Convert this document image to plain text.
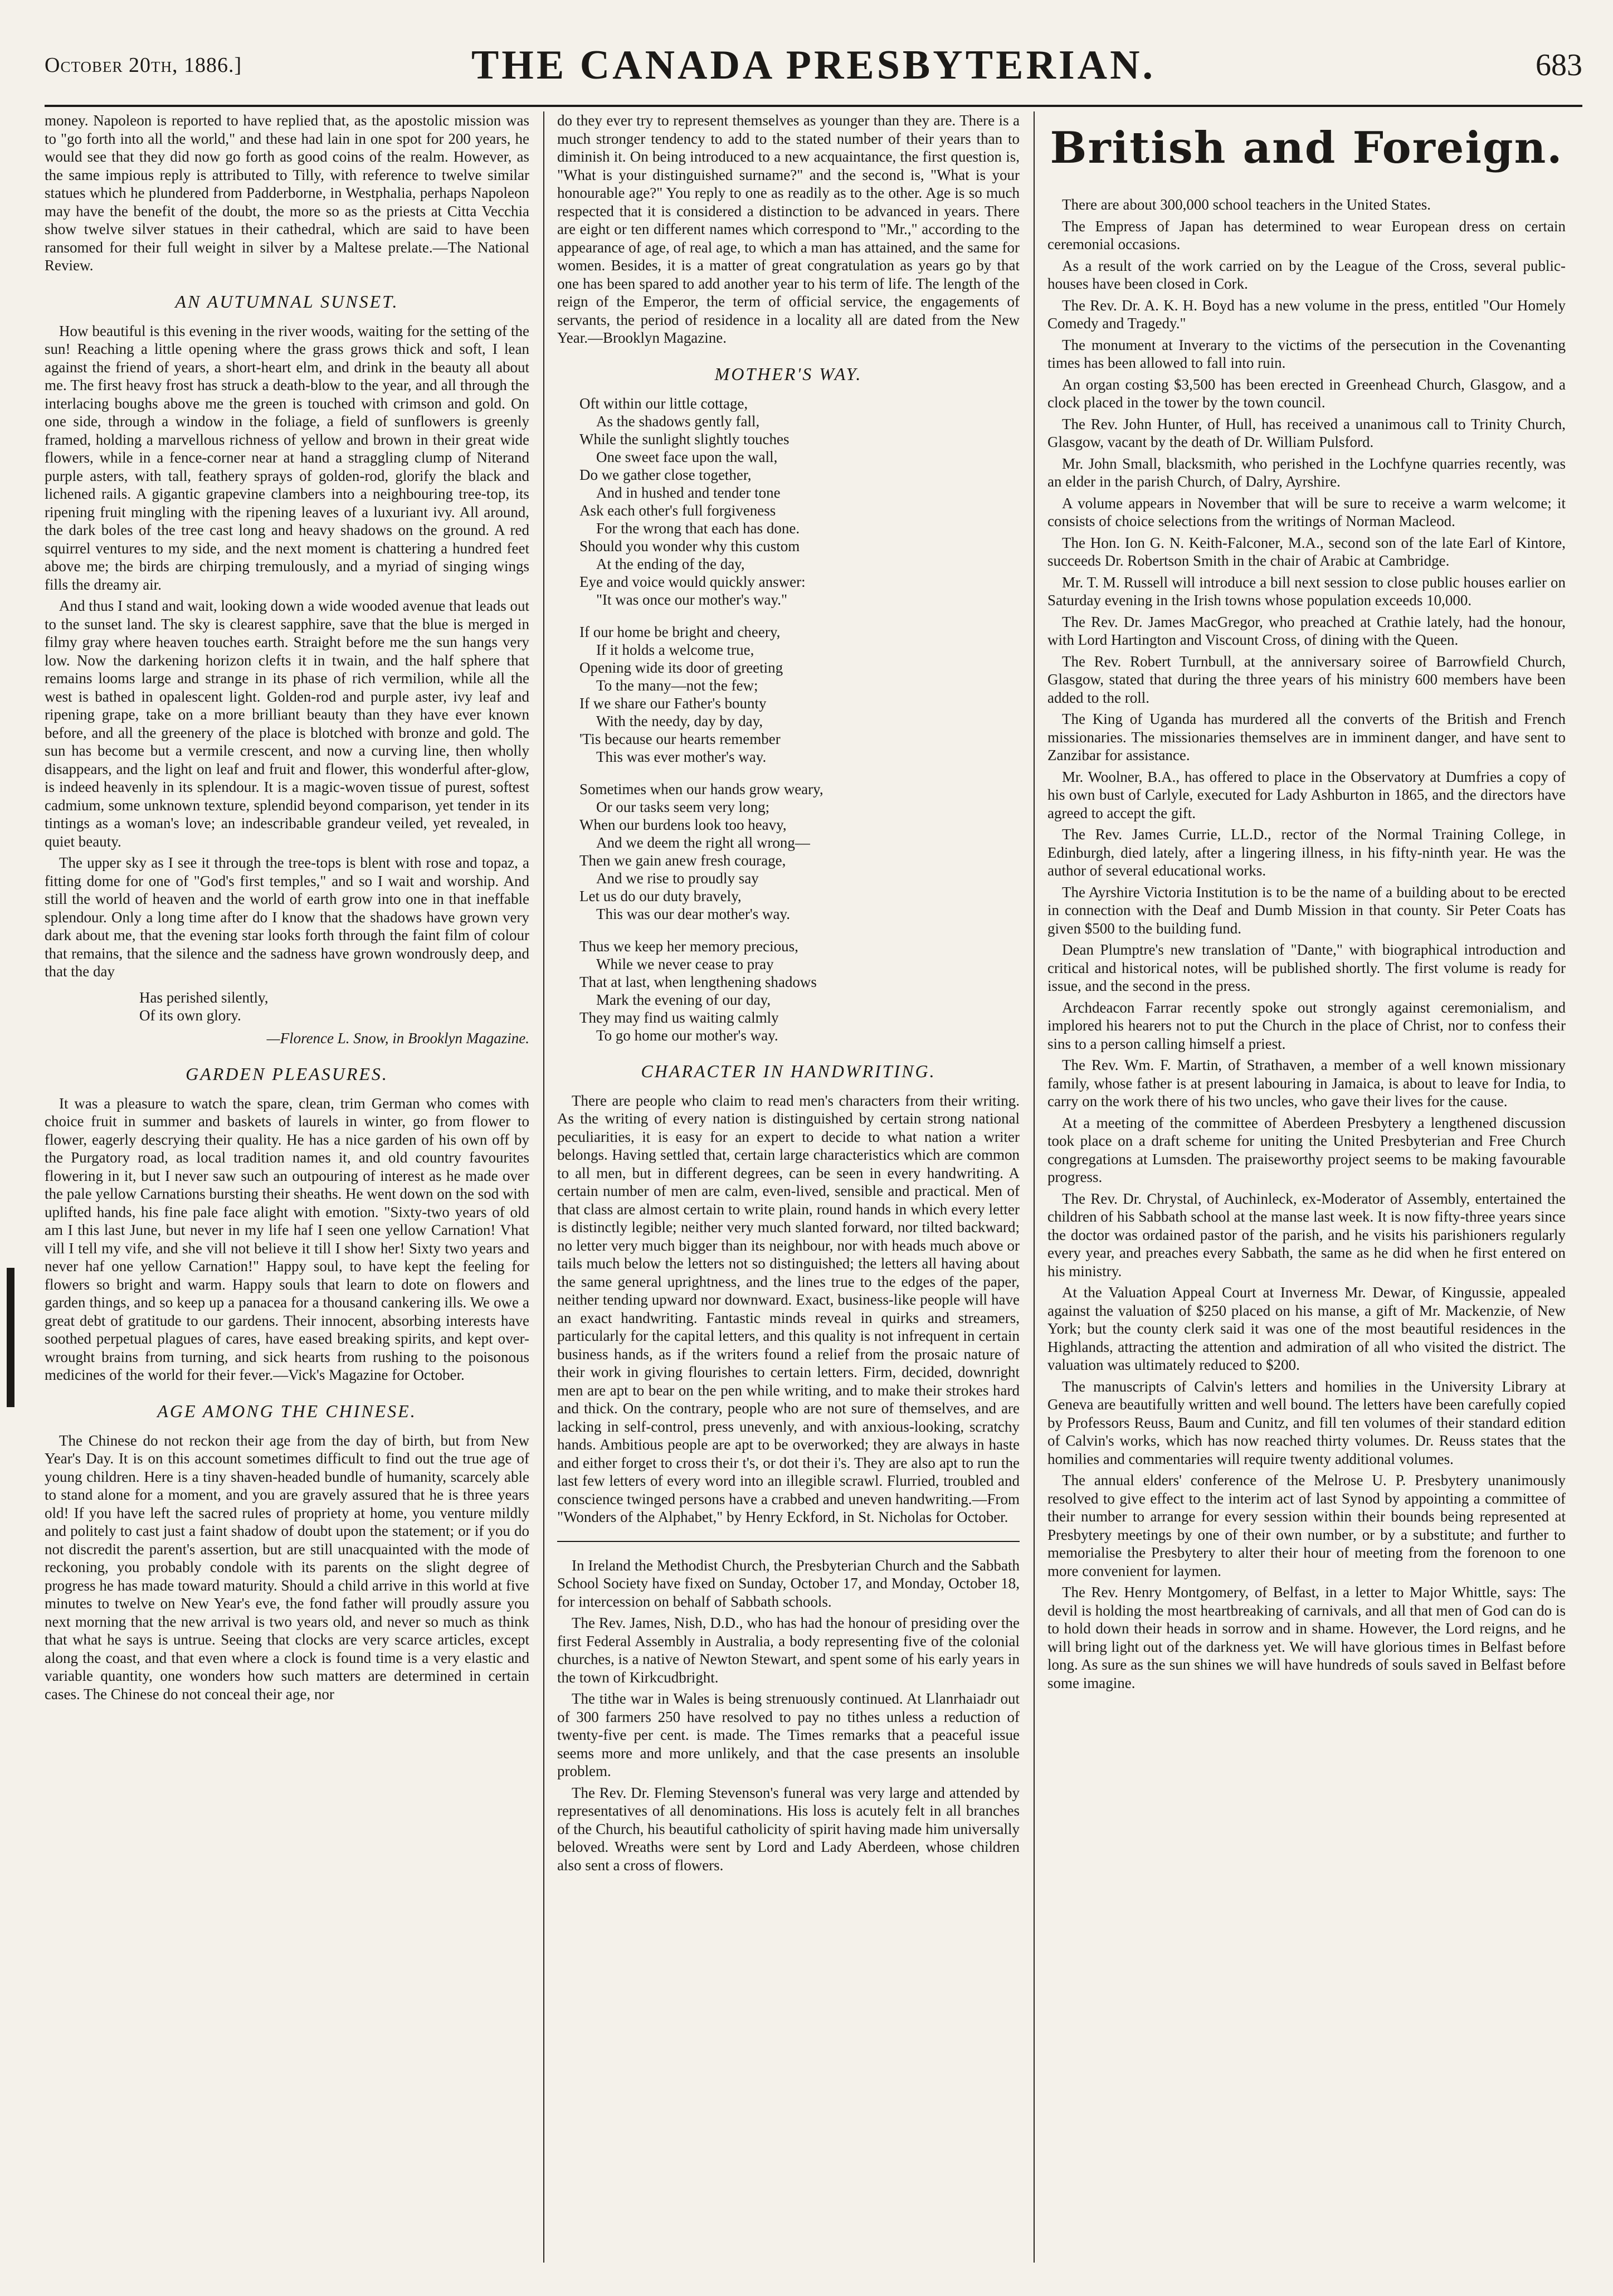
October 20th, 1886.]	THE CANADA PRESBYTERIAN.	683

money. Napoleon is reported to have replied that, as the apostolic mission was to "go forth into all the world," and these had lain in one spot for 200 years, he would see that they did now go forth as good coins of the realm. However, as the same impious reply is attributed to Tilly, with reference to twelve similar statues which he plundered from Padderborne, in Westphalia, perhaps Napoleon may have the benefit of the doubt, the more so as the priests at Citta Vecchia show twelve silver statues in their cathedral, which are said to have been ransomed for their full weight in silver by a Maltese prelate.—The National Review.

AN AUTUMNAL SUNSET.

How beautiful is this evening in the river woods, waiting for the setting of the sun! Reaching a little opening where the grass grows thick and soft, I lean against the friend of years, a short-heart elm, and drink in the beauty all about me. The first heavy frost has struck a death-blow to the year, and all through the interlacing boughs above me the green is touched with crimson and gold. On one side, through a window in the foliage, a field of sunflowers is greenly framed, holding a marvellous richness of yellow and brown in their great wide flowers, while in a fence-corner near at hand a straggling clump of Niterand purple asters, with tall, feathery sprays of golden-rod, glorify the black and lichened rails. A gigantic grapevine clambers into a neighbouring tree-top, its ripening fruit mingling with the ripening leaves of a luxuriant ivy. All around, the dark boles of the tree cast long and heavy shadows on the ground. A red squirrel ventures to my side, and the next moment is chattering a hundred feet above me; the birds are chirping tremulously, and a myriad of singing wings fills the dreamy air.

And thus I stand and wait, looking down a wide wooded avenue that leads out to the sunset land. The sky is clearest sapphire, save that the blue is merged in filmy gray where heaven touches earth. Straight before me the sun hangs very low. Now the darkening horizon clefts it in twain, and the half sphere that remains looms large and strange in its phase of rich vermilion, while all the west is bathed in opalescent light. Golden-rod and purple aster, ivy leaf and ripening grape, take on a more brilliant beauty than they have ever known before, and all the greenery of the place is blotched with bronze and gold. The sun has become but a vermile crescent, and now a curving line, then wholly disappears, and the light on leaf and fruit and flower, this wonderful after-glow, is indeed heavenly in its splendour. It is a magic-woven tissue of purest, softest cadmium, some unknown texture, splendid beyond comparison, yet tender in its tintings as a woman's love; an indescribable grandeur veiled, yet revealed, in quiet beauty.

The upper sky as I see it through the tree-tops is blent with rose and topaz, a fitting dome for one of "God's first temples," and so I wait and worship. And still the world of heaven and the world of earth grow into one in that ineffable splendour. Only a long time after do I know that the shadows have grown very dark about me, that the evening star looks forth through the faint film of colour that remains, that the silence and the sadness have grown wondrously deep, and that the day

Has perished silently,
Of its own glory.
—Florence L. Snow, in Brooklyn Magazine.
GARDEN PLEASURES.

It was a pleasure to watch the spare, clean, trim German who comes with choice fruit in summer and baskets of laurels in winter, go from flower to flower, eagerly descrying their quality. He has a nice garden of his own off by the Purgatory road, as local tradition names it, and old country favourites flowering in it, but I never saw such an outpouring of interest as he made over the pale yellow Carnations bursting their sheaths. He went down on the sod with uplifted hands, his fine pale face alight with emotion. "Sixty-two years of old am I this last June, but never in my life haf I seen one yellow Carnation! Vhat vill I tell my vife, and she vill not believe it till I show her! Sixty two years and never haf one yellow Carnation!" Happy soul, to have kept the feeling for flowers so bright and warm. Happy souls that learn to dote on flowers and garden things, and so keep up a panacea for a thousand cankering ills. We owe a great debt of gratitude to our gardens. Their innocent, absorbing interests have soothed perpetual plagues of cares, have eased breaking spirits, and kept over-wrought brains from turning, and sick hearts from rushing to the poisonous medicines of the world for their fever.—Vick's Magazine for October.

AGE AMONG THE CHINESE.

The Chinese do not reckon their age from the day of birth, but from New Year's Day. It is on this account sometimes difficult to find out the true age of young children. Here is a tiny shaven-headed bundle of humanity, scarcely able to stand alone for a moment, and you are gravely assured that he is three years old! If you have left the sacred rules of propriety at home, you venture mildly and politely to cast just a faint shadow of doubt upon the statement; or if you do not discredit the parent's assertion, but are still unacquainted with the mode of reckoning, you probably condole with its parents on the slight degree of progress he has made toward maturity. Should a child arrive in this world at five minutes to twelve on New Year's eve, the fond father will proudly assure you next morning that the new arrival is two years old, and never so much as think that what he says is untrue. Seeing that clocks are very scarce articles, except along the coast, and that even where a clock is found time is a very elastic and variable quantity, one wonders how such matters are determined in certain cases. The Chinese do not conceal their age, nor

do they ever try to represent themselves as younger than they are. There is a much stronger tendency to add to the stated number of their years than to diminish it. On being introduced to a new acquaintance, the first question is, "What is your distinguished surname?" and the second is, "What is your honourable age?" You reply to one as readily as to the other. Age is so much respected that it is considered a distinction to be advanced in years. There are eight or ten different names which correspond to "Mr.," according to the appearance of age, of real age, to which a man has attained, and the same for women. Besides, it is a matter of great congratulation as years go by that one has been spared to add another year to his term of life. The length of the reign of the Emperor, the term of official service, the engagements of servants, the period of residence in a locality all are dated from the New Year.—Brooklyn Magazine.

MOTHER'S WAY.
Oft within our little cottage,
As the shadows gently fall,
While the sunlight slightly touches
One sweet face upon the wall,
Do we gather close together,
And in hushed and tender tone
Ask each other's full forgiveness
For the wrong that each has done.
Should you wonder why this custom
At the ending of the day,
Eye and voice would quickly answer:
"It was once our mother's way."
If our home be bright and cheery,
If it holds a welcome true,
Opening wide its door of greeting
To the many—not the few;
If we share our Father's bounty
With the needy, day by day,
'Tis because our hearts remember
This was ever mother's way.
Sometimes when our hands grow weary,
Or our tasks seem very long;
When our burdens look too heavy,
And we deem the right all wrong—
Then we gain anew fresh courage,
And we rise to proudly say
Let us do our duty bravely,
This was our dear mother's way.
Thus we keep her memory precious,
While we never cease to pray
That at last, when lengthening shadows
Mark the evening of our day,
They may find us waiting calmly
To go home our mother's way.
CHARACTER IN HANDWRITING.

There are people who claim to read men's characters from their writing. As the writing of every nation is distinguished by certain strong national peculiarities, it is easy for an expert to decide to what nation a writer belongs. Having settled that, certain large characteristics which are common to all men, but in different degrees, can be seen in every handwriting. A certain number of men are calm, even-lived, sensible and practical. Men of that class are almost certain to write plain, round hands in which every letter is distinctly legible; neither very much slanted forward, nor tilted backward; no letter very much bigger than its neighbour, nor with heads much above or tails much below the letters not so distinguished; the letters all having about the same general uprightness, and the lines true to the edges of the paper, neither tending upward nor downward. Exact, business-like people will have an exact handwriting. Fantastic minds reveal in quirks and streamers, particularly for the capital letters, and this quality is not infrequent in certain business hands, as if the writers found a relief from the prosaic nature of their work in giving flourishes to certain letters. Firm, decided, downright men are apt to bear on the pen while writing, and to make their strokes hard and thick. On the contrary, people who are not sure of themselves, and are lacking in self-control, press unevenly, and with anxious-looking, scratchy hands. Ambitious people are apt to be overworked; they are always in haste and either forget to cross their t's, or dot their i's. They are also apt to run the last few letters of every word into an illegible scrawl. Flurried, troubled and conscience twinged persons have a crabbed and uneven handwriting.—From "Wonders of the Alphabet," by Henry Eckford, in St. Nicholas for October.

In Ireland the Methodist Church, the Presbyterian Church and the Sabbath School Society have fixed on Sunday, October 17, and Monday, October 18, for intercession on behalf of Sabbath schools.

The Rev. James, Nish, D.D., who has had the honour of presiding over the first Federal Assembly in Australia, a body representing five of the colonial churches, is a native of Newton Stewart, and spent some of his early years in the town of Kirkcudbright.

The tithe war in Wales is being strenuously continued. At Llanrhaiadr out of 300 farmers 250 have resolved to pay no tithes unless a reduction of twenty-five per cent. is made. The Times remarks that a peaceful issue seems more and more unlikely, and that the case presents an insoluble problem.

The Rev. Dr. Fleming Stevenson's funeral was very large and attended by representatives of all denominations. His loss is acutely felt in all branches of the Church, his beautiful catholicity of spirit having made him universally beloved. Wreaths were sent by Lord and Lady Aberdeen, whose children also sent a cross of flowers.

British and Foreign.

There are about 300,000 school teachers in the United States.

The Empress of Japan has determined to wear European dress on certain ceremonial occasions.

As a result of the work carried on by the League of the Cross, several public-houses have been closed in Cork.

The Rev. Dr. A. K. H. Boyd has a new volume in the press, entitled "Our Homely Comedy and Tragedy."

The monument at Inverary to the victims of the persecution in the Covenanting times has been allowed to fall into ruin.

An organ costing $3,500 has been erected in Greenhead Church, Glasgow, and a clock placed in the tower by the town council.

The Rev. John Hunter, of Hull, has received a unanimous call to Trinity Church, Glasgow, vacant by the death of Dr. William Pulsford.

Mr. John Small, blacksmith, who perished in the Lochfyne quarries recently, was an elder in the parish Church, of Dalry, Ayrshire.

A volume appears in November that will be sure to receive a warm welcome; it consists of choice selections from the writings of Norman Macleod.

The Hon. Ion G. N. Keith-Falconer, M.A., second son of the late Earl of Kintore, succeeds Dr. Robertson Smith in the chair of Arabic at Cambridge.

Mr. T. M. Russell will introduce a bill next session to close public houses earlier on Saturday evening in the Irish towns whose population exceeds 10,000.

The Rev. Dr. James MacGregor, who preached at Crathie lately, had the honour, with Lord Hartington and Viscount Cross, of dining with the Queen.

The Rev. Robert Turnbull, at the anniversary soiree of Barrowfield Church, Glasgow, stated that during the three years of his ministry 600 members have been added to the roll.

The King of Uganda has murdered all the converts of the British and French missionaries. The missionaries themselves are in imminent danger, and have sent to Zanzibar for assistance.

Mr. Woolner, B.A., has offered to place in the Observatory at Dumfries a copy of his own bust of Carlyle, executed for Lady Ashburton in 1865, and the directors have agreed to accept the gift.

The Rev. James Currie, LL.D., rector of the Normal Training College, in Edinburgh, died lately, after a lingering illness, in his fifty-ninth year. He was the author of several educational works.

The Ayrshire Victoria Institution is to be the name of a building about to be erected in connection with the Deaf and Dumb Mission in that county. Sir Peter Coats has given $500 to the building fund.

Dean Plumptre's new translation of "Dante," with biographical introduction and critical and historical notes, will be published shortly. The first volume is ready for issue, and the second in the press.

Archdeacon Farrar recently spoke out strongly against ceremonialism, and implored his hearers not to put the Church in the place of Christ, nor to confess their sins to a person calling himself a priest.

The Rev. Wm. F. Martin, of Strathaven, a member of a well known missionary family, whose father is at present labouring in Jamaica, is about to leave for India, to carry on the work there of his two uncles, who gave their lives for the cause.

At a meeting of the committee of Aberdeen Presbytery a lengthened discussion took place on a draft scheme for uniting the United Presbyterian and Free Church congregations at Lumsden. The praiseworthy project seems to be making favourable progress.

The Rev. Dr. Chrystal, of Auchinleck, ex-Moderator of Assembly, entertained the children of his Sabbath school at the manse last week. It is now fifty-three years since the doctor was ordained pastor of the parish, and he visits his parishioners regularly every year, and preaches every Sabbath, the same as he did when he first entered on his ministry.

At the Valuation Appeal Court at Inverness Mr. Dewar, of Kingussie, appealed against the valuation of $250 placed on his manse, a gift of Mr. Mackenzie, of New York; but the county clerk said it was one of the most beautiful residences in the Highlands, attracting the attention and admiration of all who visited the district. The valuation was ultimately reduced to $200.

The manuscripts of Calvin's letters and homilies in the University Library at Geneva are beautifully written and well bound. The letters have been carefully copied by Professors Reuss, Baum and Cunitz, and fill ten volumes of their standard edition of Calvin's works, which has now reached thirty volumes. Dr. Reuss states that the homilies and commentaries will require twenty additional volumes.

The annual elders' conference of the Melrose U. P. Presbytery unanimously resolved to give effect to the interim act of last Synod by appointing a committee of their number to arrange for every session within their bounds being represented at Presbytery meetings by one of their own number, or by a substitute; and further to memorialise the Presbytery to alter their hour of meeting from the forenoon to one more convenient for laymen.

The Rev. Henry Montgomery, of Belfast, in a letter to Major Whittle, says: The devil is holding the most heartbreaking of carnivals, and all that men of God can do is to hold down their heads in sorrow and in shame. However, the Lord reigns, and he will bring light out of the darkness yet. We will have glorious times in Belfast before long. As sure as the sun shines we will have hundreds of souls saved in Belfast before some imagine.
